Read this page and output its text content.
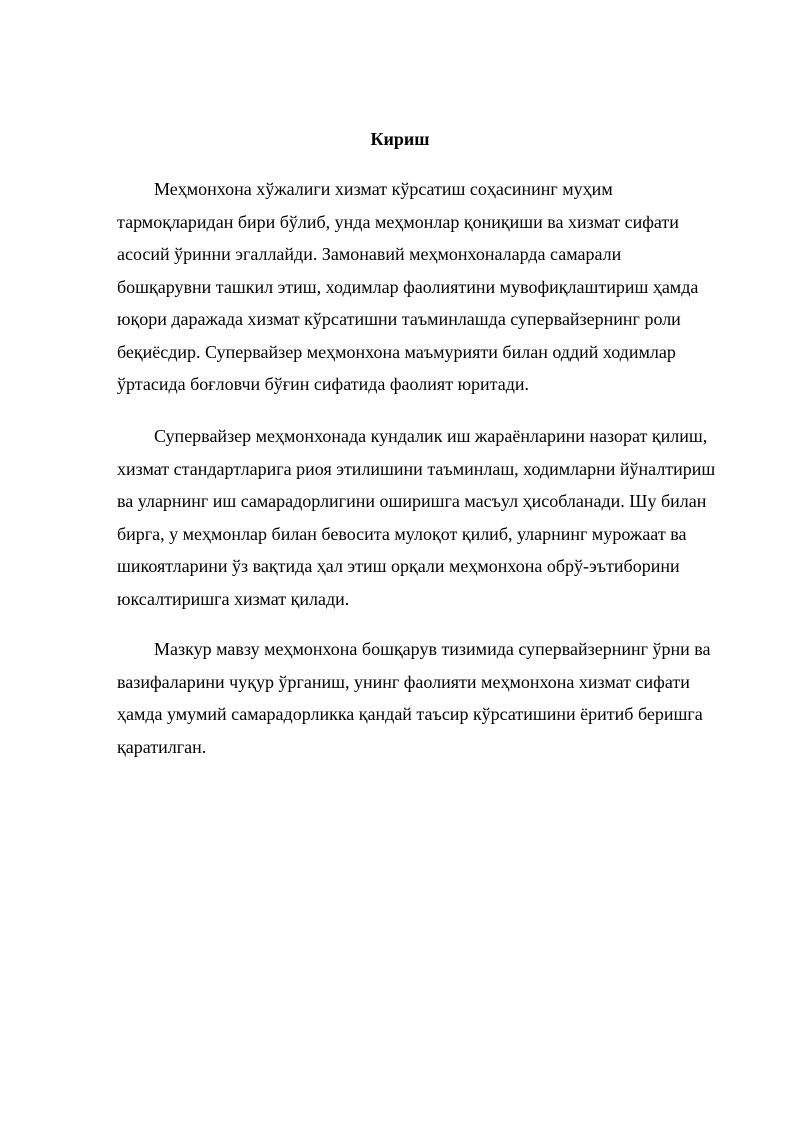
Кириш

Меҳмонхона хўжалиги хизмат кўрсатиш соҳасининг муҳим
тармоқларидан бири бўлиб, унда меҳмонлар қониқиши ва хизмат сифати
асосий ўринни эгаллайди. Замонавий меҳмонхоналарда самарали
бошқарувни ташкил этиш, ходимлар фаолиятини мувофиқлаштириш ҳамда
юқори даражада хизмат кўрсатишни таъминлашда супервайзернинг роли
беқиёсдир. Супервайзер меҳмонхона маъмурияти билан оддий ходимлар
ўртасида боғловчи бўғин сифатида фаолият юритади.

Супервайзер меҳмонхонада кундалик иш жараёнларини назорат қилиш,
хизмат стандартларига риоя этилишини таъминлаш, ходимларни йўналтириш
ва уларнинг иш самарадорлигини оширишга масъул ҳисобланади. Шу билан
бирга, у меҳмонлар билан бевосита мулоқот қилиб, уларнинг мурожаат ва
шикоятларини ўз вақтида ҳал этиш орқали меҳмонхона обрў-эътиборини
юксалтиришга хизмат қилади.

Мазкур мавзу меҳмонхона бошқарув тизимида супервайзернинг ўрни ва
вазифаларини чуқур ўрганиш, унинг фаолияти меҳмонхона хизмат сифати
ҳамда умумий самарадорликка қандай таъсир кўрсатишини ёритиб беришга
қаратилган.
